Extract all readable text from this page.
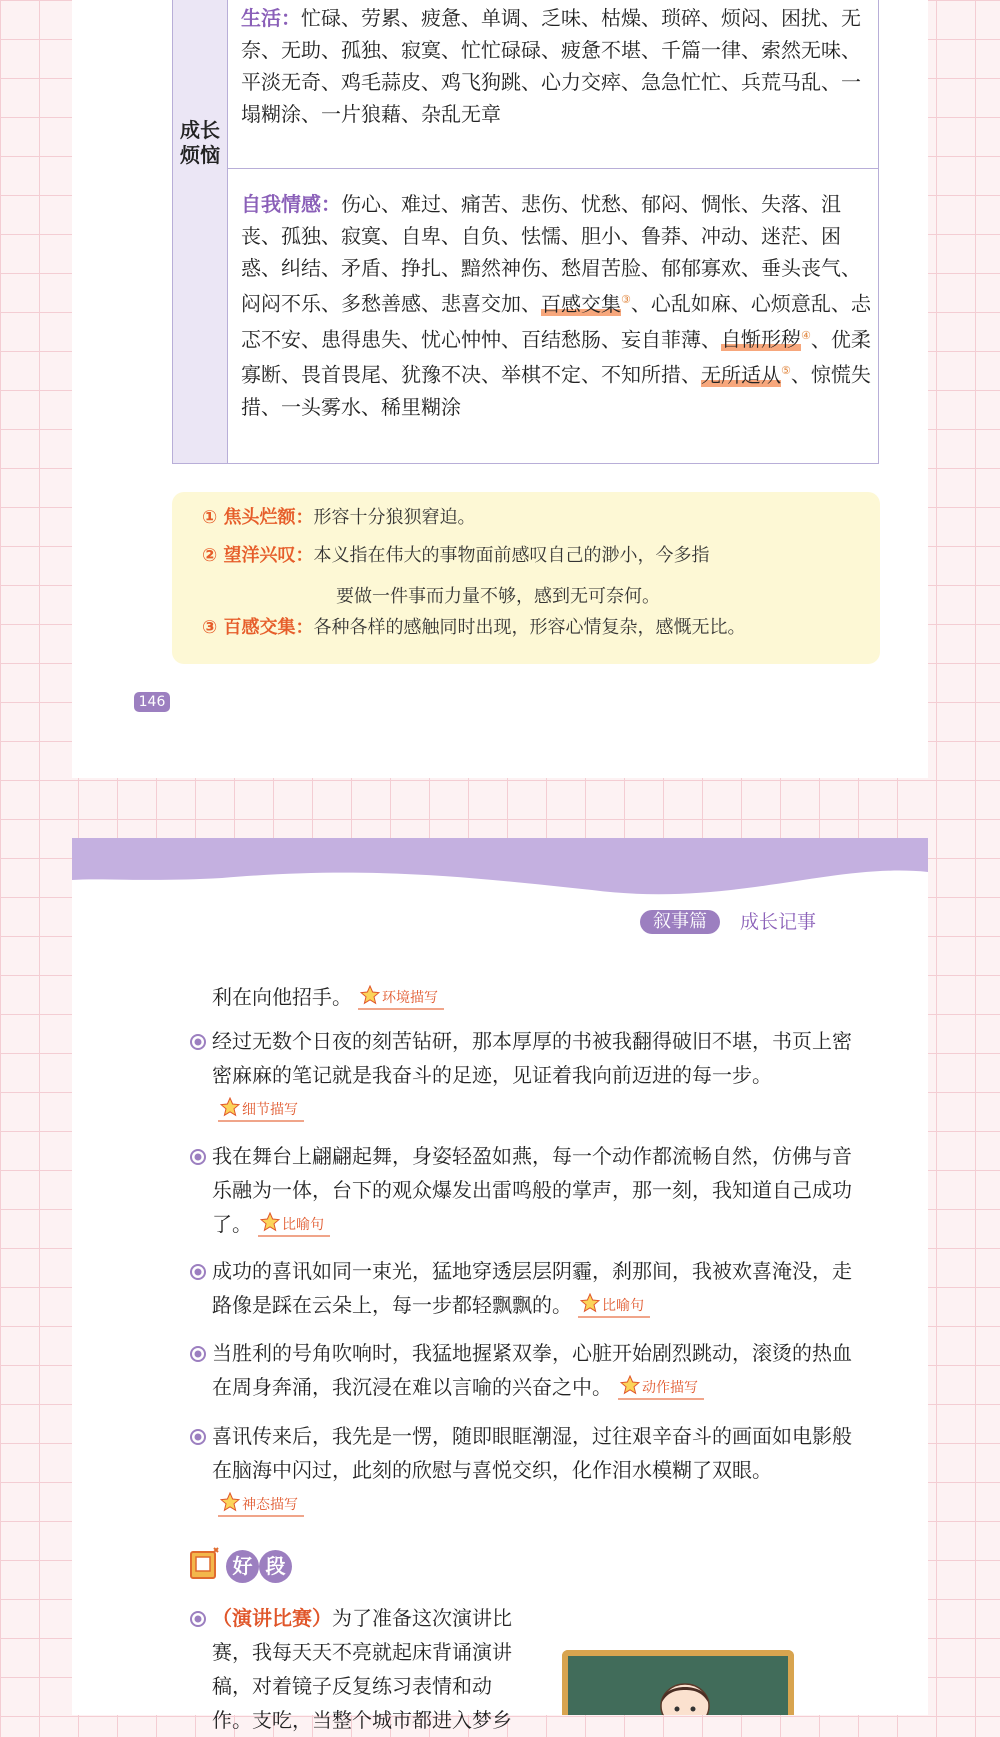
成长
烦恼
生活：忙碌、劳累、疲惫、单调、乏味、枯燥、琐碎、烦闷、困扰、无奈、无助、孤独、寂寞、忙忙碌碌、疲惫不堪、千篇一律、索然无味、平淡无奇、鸡毛蒜皮、鸡飞狗跳、心力交瘁、急急忙忙、兵荒马乱、一塌糊涂、一片狼藉、杂乱无章
自我情感：伤心、难过、痛苦、悲伤、忧愁、郁闷、惆怅、失落、沮丧、孤独、寂寞、自卑、自负、怯懦、胆小、鲁莽、冲动、迷茫、困惑、纠结、矛盾、挣扎、黯然神伤、愁眉苦脸、郁郁寡欢、垂头丧气、闷闷不乐、多愁善感、悲喜交加、百感交集③、心乱如麻、心烦意乱、忐忑不安、患得患失、忧心忡忡、百结愁肠、妄自菲薄、自惭形秽④、优柔寡断、畏首畏尾、犹豫不决、举棋不定、不知所措、无所适从⑤、惊慌失措、一头雾水、稀里糊涂
① 焦头烂额：形容十分狼狈窘迫。
② 望洋兴叹：本义指在伟大的事物面前感叹自己的渺小，今多指
要做一件事而力量不够，感到无可奈何。
③ 百感交集：各种各样的感触同时出现，形容心情复杂，感慨无比。
146
叙事篇	成长记事
利在向他招手。 环境描写
经过无数个日夜的刻苦钻研，那本厚厚的书被我翻得破旧不堪，书页上密密麻麻的笔记就是我奋斗的足迹，见证着我向前迈进的每一步。
细节描写
我在舞台上翩翩起舞，身姿轻盈如燕，每一个动作都流畅自然，仿佛与音乐融为一体，台下的观众爆发出雷鸣般的掌声，那一刻，我知道自己成功了。 比喻句
成功的喜讯如同一束光，猛地穿透层层阴霾，刹那间，我被欢喜淹没，走路像是踩在云朵上，每一步都轻飘飘的。 比喻句
当胜利的号角吹响时，我猛地握紧双拳，心脏开始剧烈跳动，滚烫的热血在周身奔涌，我沉浸在难以言喻的兴奋之中。 动作描写
喜讯传来后，我先是一愣，随即眼眶潮湿，过往艰辛奋斗的画面如电影般在脑海中闪过，此刻的欣慰与喜悦交织，化作泪水模糊了双眼。
神态描写
好 段
（演讲比赛）为了准备这次演讲比赛，我每天天不亮就起床背诵演讲稿，对着镜子反复练习表情和动作。支吃，当整个城市都进入梦乡
